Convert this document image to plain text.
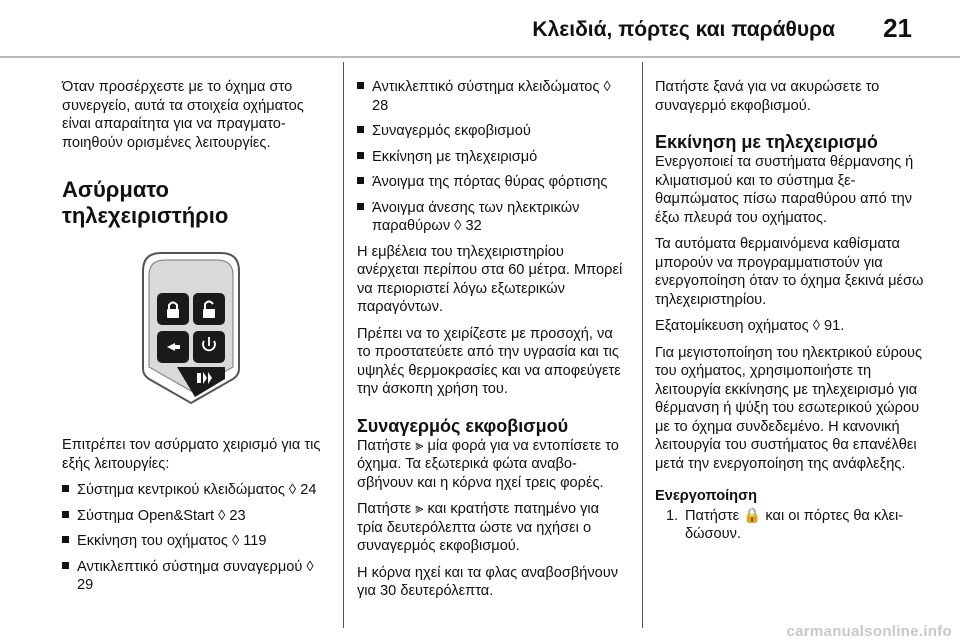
Κλειδιά, πόρτες και παράθυρα 21

Όταν προσέρχεστε με το όχημα στο συνεργείο, αυτά τα στοιχεία οχήματος είναι απαραίτητα για να πραγματοποιηθούν ορισμένες λειτουργίες.

Ασύρματο τηλεχειριστήριο

Επιτρέπει τον ασύρματο χειρισμό για τις εξής λειτουργίες:

Σύστημα κεντρικού κλειδώματος ◊ 24
Σύστημα Open&Start ◊ 23
Εκκίνηση του οχήματος ◊ 119
Αντικλεπτικό σύστημα συναγερμού ◊ 29
Αντικλεπτικό σύστημα κλειδώματος ◊ 28
Συναγερμός εκφοβισμού
Εκκίνηση με τηλεχειρισμό
Άνοιγμα της πόρτας θύρας φόρτισης
Άνοιγμα άνεσης των ηλεκτρικών παραθύρων ◊ 32

Η εμβέλεια του τηλεχειριστηρίου ανέρχεται περίπου στα 60 μέτρα. Μπορεί να περιοριστεί λόγω εξωτερικών παραγόντων.

Πρέπει να το χειρίζεστε με προσοχή, να το προστατεύετε από την υγρασία και τις υψηλές θερμοκρασίες και να αποφεύγετε την άσκοπη χρήση του.

Συναγερμός εκφοβισμού

Πατήστε ⫸ μία φορά για να εντοπίσετε το όχημα. Τα εξωτερικά φώτα αναβοσβήνουν και η κόρνα ηχεί τρεις φορές.

Πατήστε ⫸ και κρατήστε πατημένο για τρία δευτερόλεπτα ώστε να ηχήσει ο συναγερμός εκφοβισμού.

Η κόρνα ηχεί και τα φλας αναβοσβήνουν για 30 δευτερόλεπτα.

Πατήστε ξανά για να ακυρώσετε το συναγερμό εκφοβισμού.

Εκκίνηση με τηλεχειρισμό

Ενεργοποιεί τα συστήματα θέρμανσης ή κλιματισμού και το σύστημα ξεθαμπώματος πίσω παραθύρου από την έξω πλευρά του οχήματος.

Τα αυτόματα θερμαινόμενα καθίσματα μπορούν να προγραμματιστούν για ενεργοποίηση όταν το όχημα ξεκινά μέσω τηλεχειριστηρίου.

Εξατομίκευση οχήματος ◊ 91.

Για μεγιστοποίηση του ηλεκτρικού εύρους του οχήματος, χρησιμοποιήστε τη λειτουργία εκκίνησης με τηλεχειρισμό για θέρμανση ή ψύξη του εσωτερικού χώρου με το όχημα συνδεδεμένο. Η κανονική λειτουργία του συστήματος θα επανέλθει μετά την ενεργοποίηση της ανάφλεξης.

Ενεργοποίηση
1. Πατήστε 🔒 και οι πόρτες θα κλειδώσουν.
carmanualsonline.info
